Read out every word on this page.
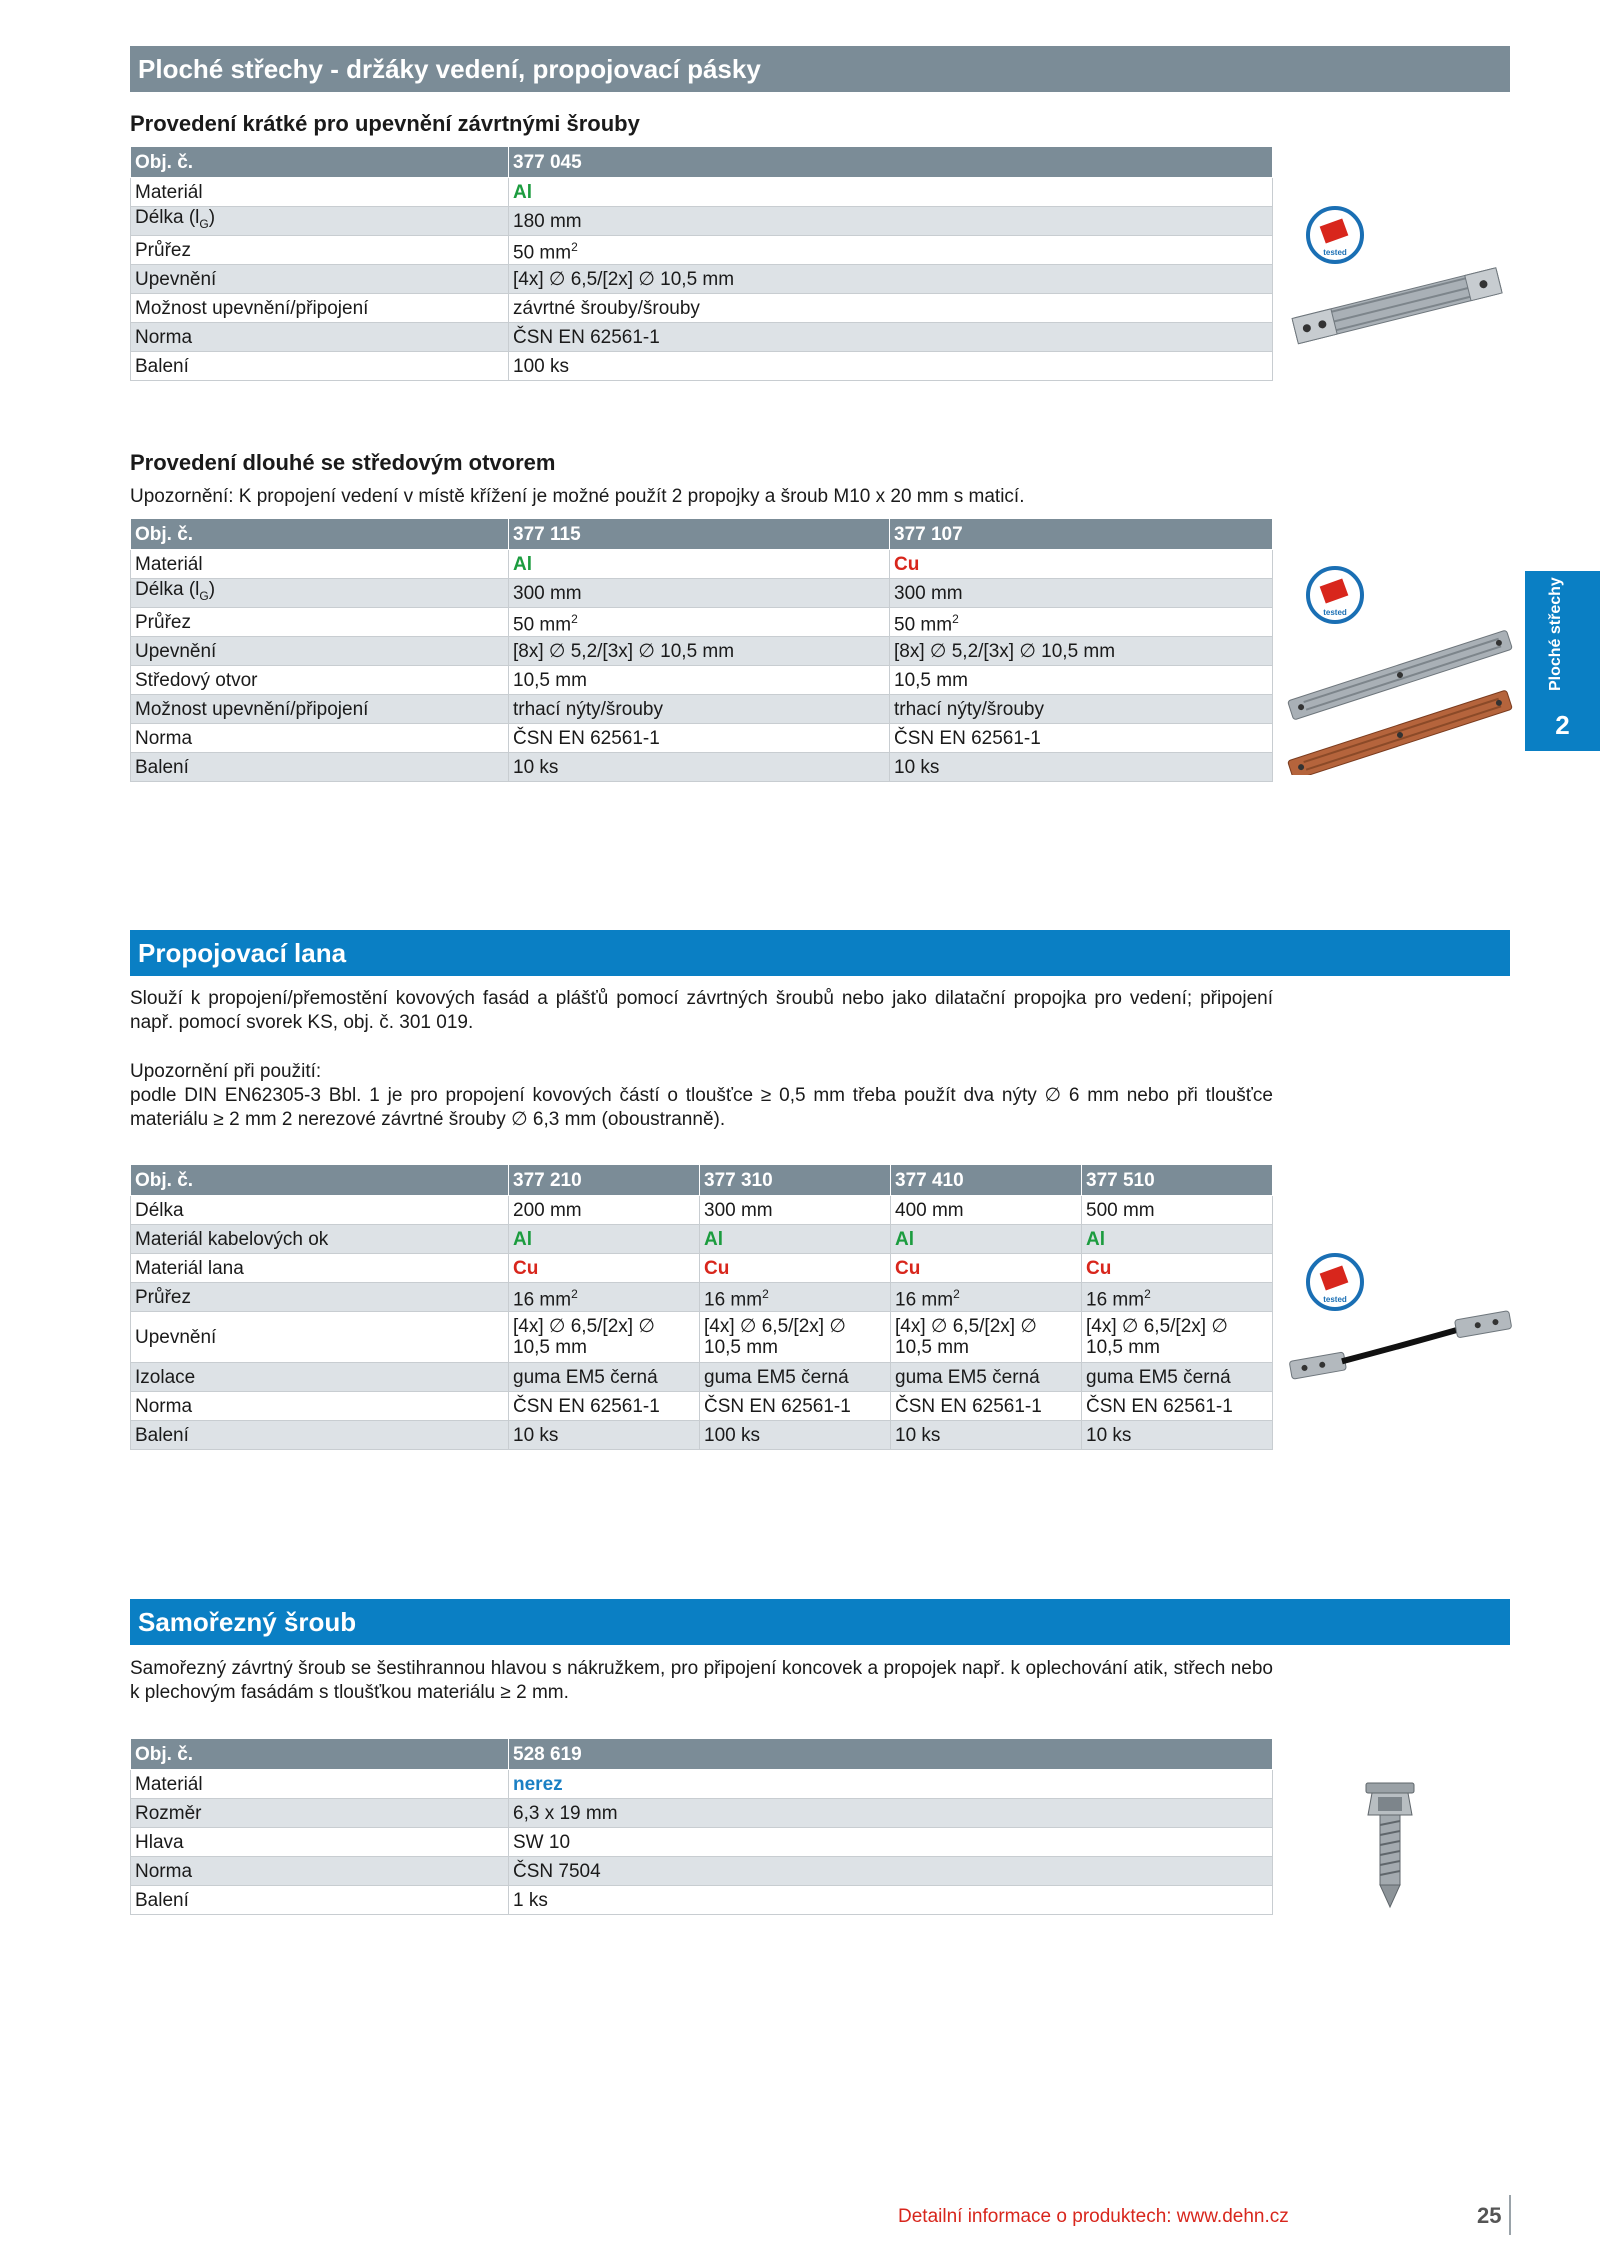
Ploché střechy - držáky vedení, propojovací pásky
Provedení krátké pro upevnění závrtnými šrouby
Obj. č.	377 045
Materiál	Al
Délka $(l_G)$	180 mm
Průřez	50 $mm^2$
Upevnění	[4x] ∅ 6,5/[2x] ∅ 10,5 mm
Možnost upevnění/připojení	závrtné šrouby/šrouby
Norma	ČSN EN 62561-1
Balení	100 ks
tested
Provedení dlouhé se středovým otvorem
Upozornění: K propojení vedení v místě křížení je možné použít 2 propojky a šroub M10 x 20 mm s maticí.
Obj. č.	377 115	377 107
Materiál	Al	Cu
Délka $(l_G)$	300 mm	300 mm
Průřez	50 $mm^2$	50 $mm^2$
Upevnění	[8x] ∅ 5,2/[3x] ∅ 10,5 mm	[8x] ∅ 5,2/[3x] ∅ 10,5 mm
Středový otvor	10,5 mm	10,5 mm
Možnost upevnění/připojení	trhací nýty/šrouby	trhací nýty/šrouby
Norma	ČSN EN 62561-1	ČSN EN 62561-1
Balení	10 ks	10 ks
tested	Ploché střechy
2
Propojovací lana
Slouží k propojení/přemostění kovových fasád a plášťů pomocí závrtných šroubů nebo jako dilatační propojka pro vedení; připojení např. pomocí svorek KS, obj. č. 301 019.
Upozornění při použití:
podle DIN EN62305-3 Bbl. 1 je pro propojení kovových částí o tloušťce ≥ 0,5 mm třeba použít dva nýty ∅ 6 mm nebo při tloušťce materiálu ≥ 2 mm 2 nerezové závrtné šrouby ∅ 6,3 mm (oboustranně).
Obj. č.	377 210	377 310	377 410	377 510
Délka	200 mm	300 mm	400 mm	500 mm
Materiál kabelových ok	Al	Al	Al	Al
Materiál lana	Cu	Cu	Cu	Cu
Průřez	16 $mm^2$	16 $mm^2$	16 $mm^2$	16 $mm^2$
Upevnění	[4x] ∅ 6,5/[2x] ∅ 10,5 mm	[4x] ∅ 6,5/[2x] ∅ 10,5 mm	[4x] ∅ 6,5/[2x] ∅ 10,5 mm	[4x] ∅ 6,5/[2x] ∅ 10,5 mm
Izolace	guma EM5 černá	guma EM5 černá	guma EM5 černá	guma EM5 černá
Norma	ČSN EN 62561-1	ČSN EN 62561-1	ČSN EN 62561-1	ČSN EN 62561-1
Balení	10 ks	100 ks	10 ks	10 ks
tested
Samořezný šroub
Samořezný závrtný šroub se šestihrannou hlavou s nákružkem, pro připojení koncovek a propojek např. k oplechování atik, střech nebo k plechovým fasádám s tloušťkou materiálu ≥ 2 mm.
Obj. č.	528 619
Materiál	nerez
Rozměr	6,3 x 19 mm
Hlava	SW 10
Norma	ČSN 7504
Balení	1 ks
Detailní informace o produktech: www.dehn.cz	25
